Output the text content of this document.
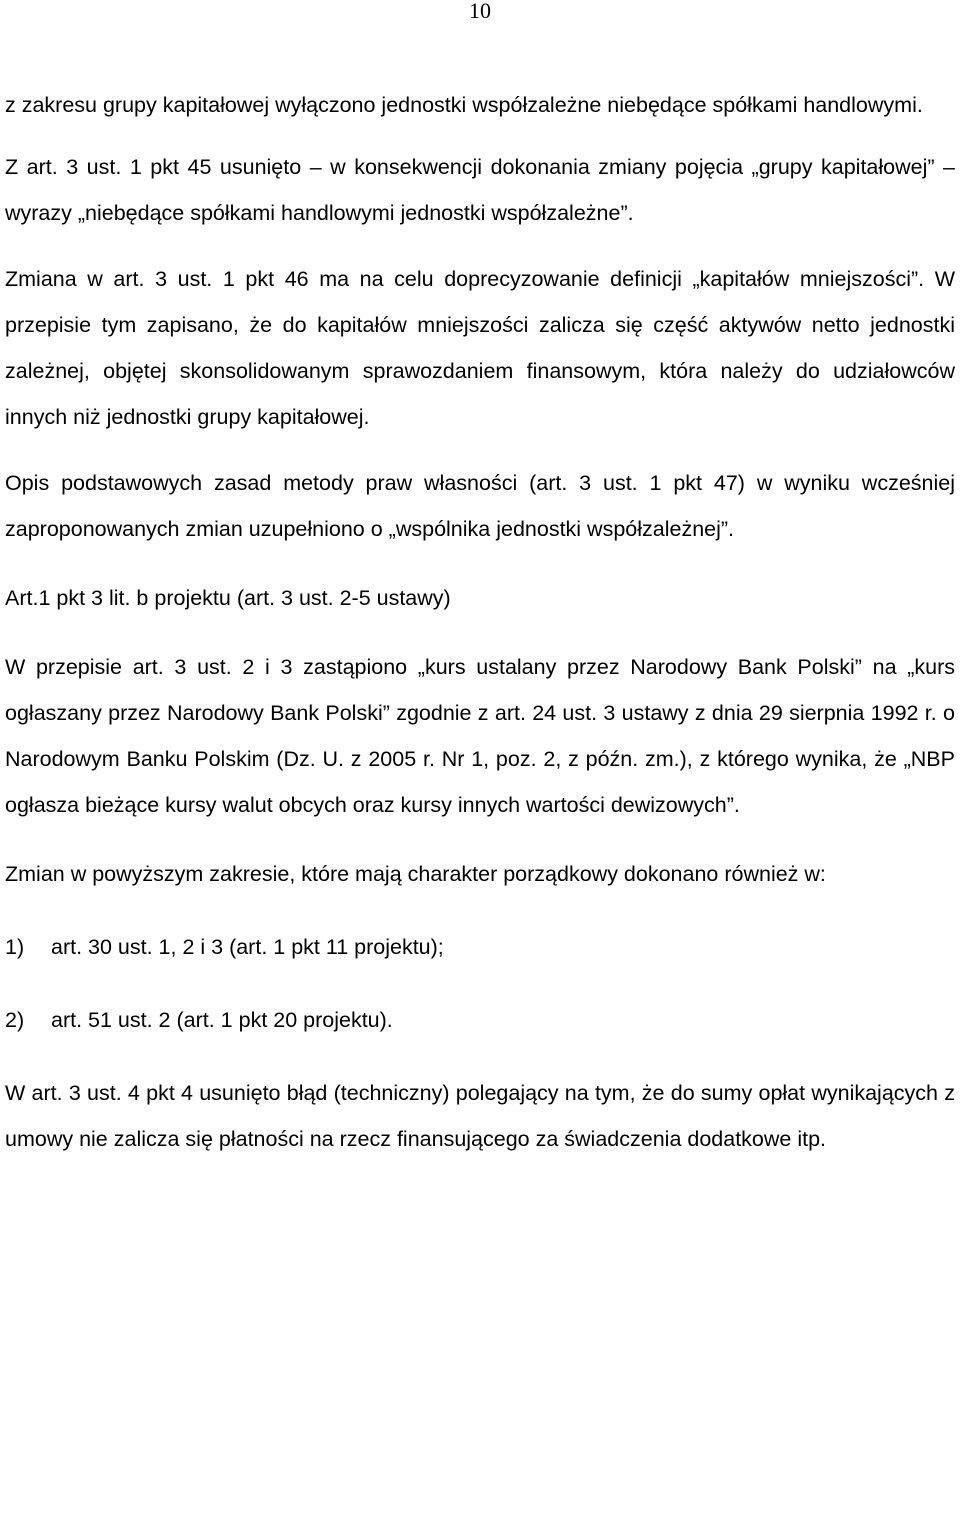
10

z zakresu grupy kapitałowej wyłączono jednostki współzależne niebędące spółkami handlowymi.

Z art. 3 ust. 1 pkt 45 usunięto – w konsekwencji dokonania zmiany pojęcia „grupy kapitałowej” – wyrazy „niebędące spółkami handlowymi jednostki współzależne”.

Zmiana w art. 3 ust. 1 pkt 46 ma na celu doprecyzowanie definicji „kapitałów mniejszości”. W przepisie tym zapisano, że do kapitałów mniejszości zalicza się część aktywów netto jednostki zależnej, objętej skonsolidowanym sprawozdaniem finansowym, która należy do udziałowców innych niż jednostki grupy kapitałowej.

Opis podstawowych zasad metody praw własności (art. 3 ust. 1 pkt 47) w wyniku wcześniej zaproponowanych zmian uzupełniono o „wspólnika jednostki współzależnej”.

Art.1 pkt 3 lit. b projektu (art. 3 ust. 2-5 ustawy)

W przepisie art. 3 ust. 2 i 3 zastąpiono „kurs ustalany przez Narodowy Bank Polski” na „kurs ogłaszany przez Narodowy Bank Polski” zgodnie z art. 24 ust. 3 ustawy z dnia 29 sierpnia 1992 r. o Narodowym Banku Polskim (Dz. U. z 2005 r. Nr 1, poz. 2, z późn. zm.), z którego wynika, że „NBP ogłasza bieżące kursy walut obcych oraz kursy innych wartości dewizowych”.

Zmian w powyższym zakresie, które mają charakter porządkowy dokonano również w:

1)	art. 30 ust. 1, 2 i 3 (art. 1 pkt 11 projektu);
2)	art. 51 ust. 2 (art. 1 pkt 20 projektu).

W art. 3 ust. 4 pkt 4 usunięto błąd (techniczny) polegający na tym, że do sumy opłat wynikających z umowy nie zalicza się płatności na rzecz finansującego za świadczenia dodatkowe itp.
